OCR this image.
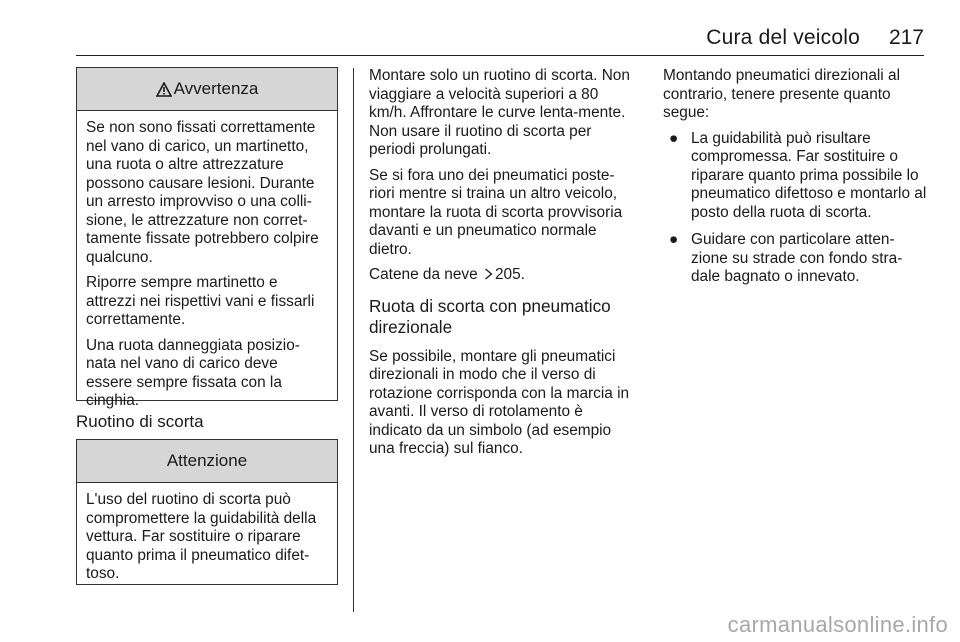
Cura del veicolo 217
Avvertenza

Se non sono fissati correttamente nel vano di carico, un martinetto, una ruota o altre attrezzature possono causare lesioni. Durante un arresto improvviso o una colli-sione, le attrezzature non corret-tamente fissate potrebbero colpire qualcuno.

Riporre sempre martinetto e attrezzi nei rispettivi vani e fissarli correttamente.

Una ruota danneggiata posizio-nata nel vano di carico deve essere sempre fissata con la cinghia.

Ruotino di scorta
Attenzione

L'uso del ruotino di scorta può compromettere la guidabilità della vettura. Far sostituire o riparare quanto prima il pneumatico difet-toso.

Montare solo un ruotino di scorta. Non viaggiare a velocità superiori a 80 km/h. Affrontare le curve lenta-mente. Non usare il ruotino di scorta per periodi prolungati.

Se si fora uno dei pneumatici poste-riori mentre si traina un altro veicolo, montare la ruota di scorta provvisoria davanti e un pneumatico normale dietro.

Catene da neve 205.

Ruota di scorta con pneumatico direzionale

Se possibile, montare gli pneumatici direzionali in modo che il verso di rotazione corrisponda con la marcia in avanti. Il verso di rotolamento è indicato da un simbolo (ad esempio una freccia) sul fianco.

Montando pneumatici direzionali al contrario, tenere presente quanto segue:

● La guidabilità può risultare compromessa. Far sostituire o riparare quanto prima possibile lo pneumatico difettoso e montarlo al posto della ruota di scorta.
● Guidare con particolare atten-zione su strade con fondo stra-dale bagnato o innevato.
carmanualsonline.info
